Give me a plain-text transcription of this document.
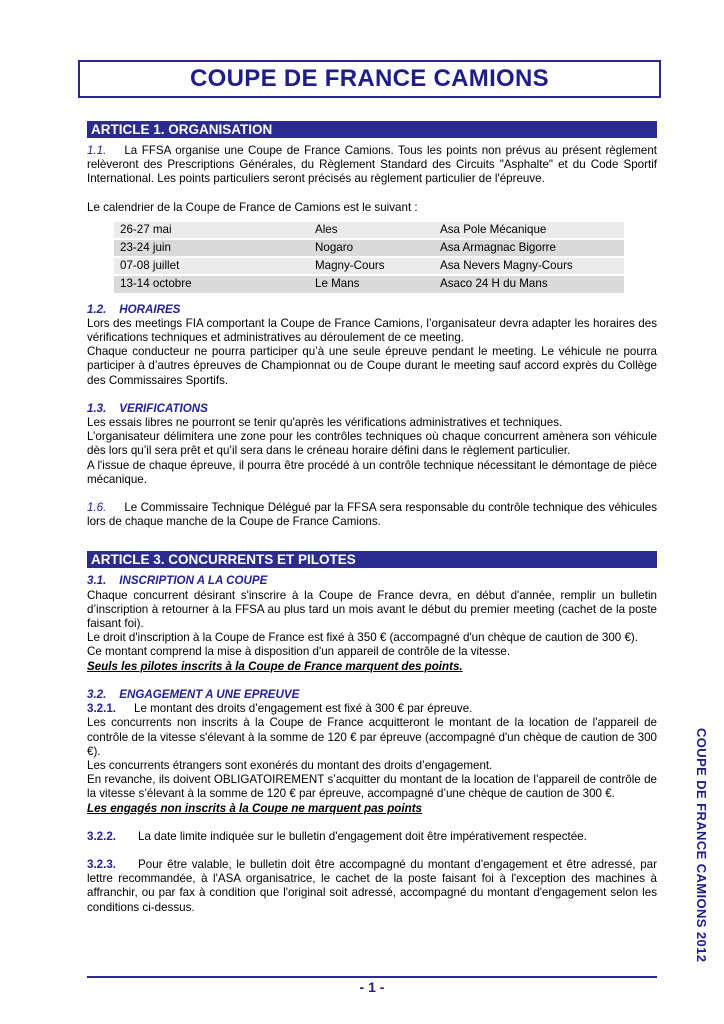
COUPE DE FRANCE CAMIONS
ARTICLE 1. ORGANISATION

1.1. La FFSA organise une Coupe de France Camions. Tous les points non prévus au présent règlement relèveront des Prescriptions Générales, du Règlement Standard des Circuits "Asphalte" et du Code Sportif International. Les points particuliers seront précisés au règlement particulier de l'épreuve.

Le calendrier de la Coupe de France de Camions est le suivant :

26-27 mai	Ales	Asa Pole Mécanique
23-24 juin	Nogaro	Asa Armagnac Bigorre
07-08 juillet	Magny-Cours	Asa Nevers Magny-Cours
13-14 octobre	Le Mans	Asaco 24 H du Mans

1.2.    HORAIRES

Lors des meetings FIA comportant la Coupe de France Camions, l’organisateur devra adapter les horaires des vérifications techniques et administratives au déroulement de ce meeting.

Chaque conducteur ne pourra participer qu’à une seule épreuve pendant le meeting. Le véhicule ne pourra participer à d’autres épreuves de Championnat ou de Coupe durant le meeting sauf accord exprès du Collège des Commissaires Sportifs.

1.3.    VERIFICATIONS

Les essais libres ne pourront se tenir qu'après les vérifications administratives et techniques.

L’organisateur délimitera une zone pour les contrôles techniques où chaque concurrent amènera son véhicule dès lors qu’il sera prêt et qu’il sera dans le créneau horaire défini dans le règlement particulier.

A l'issue de chaque épreuve, il pourra être procédé à un contrôle technique nécessitant le démontage de pièce mécanique.

1.6. Le Commissaire Technique Délégué par la FFSA sera responsable du contrôle technique des véhicules lors de chaque manche de la Coupe de France Camions.

ARTICLE 3. CONCURRENTS ET PILOTES

3.1.    INSCRIPTION A LA COUPE

Chaque concurrent désirant s'inscrire à la Coupe de France devra, en début d'année, remplir un bulletin d’inscription à retourner à la FFSA au plus tard un mois avant le début du premier meeting (cachet de la poste faisant foi).

Le droit d'inscription à la Coupe de France est fixé à 350 € (accompagné d'un chèque de caution de 300 €).

Ce montant comprend la mise à disposition d'un appareil de contrôle de la vitesse.

Seuls les pilotes inscrits à la Coupe de France marquent des points.

3.2.    ENGAGEMENT A UNE EPREUVE

3.2.1. Le montant des droits d’engagement est fixé à 300 € par épreuve.

Les concurrents non inscrits à la Coupe de France acquitteront le montant de la location de l'appareil de contrôle de la vitesse s'élevant à la somme de 120 € par épreuve (accompagné d'un chèque de caution de 300 €).

Les concurrents étrangers sont exonérés du montant des droits d’engagement.

En revanche, ils doivent OBLIGATOIREMENT s’acquitter du montant de la location de l’appareil de contrôle de la vitesse s’élevant à la somme de 120 € par épreuve, accompagné d’une chèque de caution de 300 €.

Les engagés non inscrits à la Coupe ne marquent pas points

3.2.2. La date limite indiquée sur le bulletin d'engagement doit être impérativement respectée.

3.2.3. Pour être valable, le bulletin doit être accompagné du montant d'engagement et être adressé, par lettre recommandée, à l'ASA organisatrice, le cachet de la poste faisant foi à l'exception des machines à affranchir, ou par fax à condition que l'original soit adressé, accompagné du montant d'engagement selon les conditions ci-dessus.	COUPE DE FRANCE CAMIONS 2012
- 1 -
